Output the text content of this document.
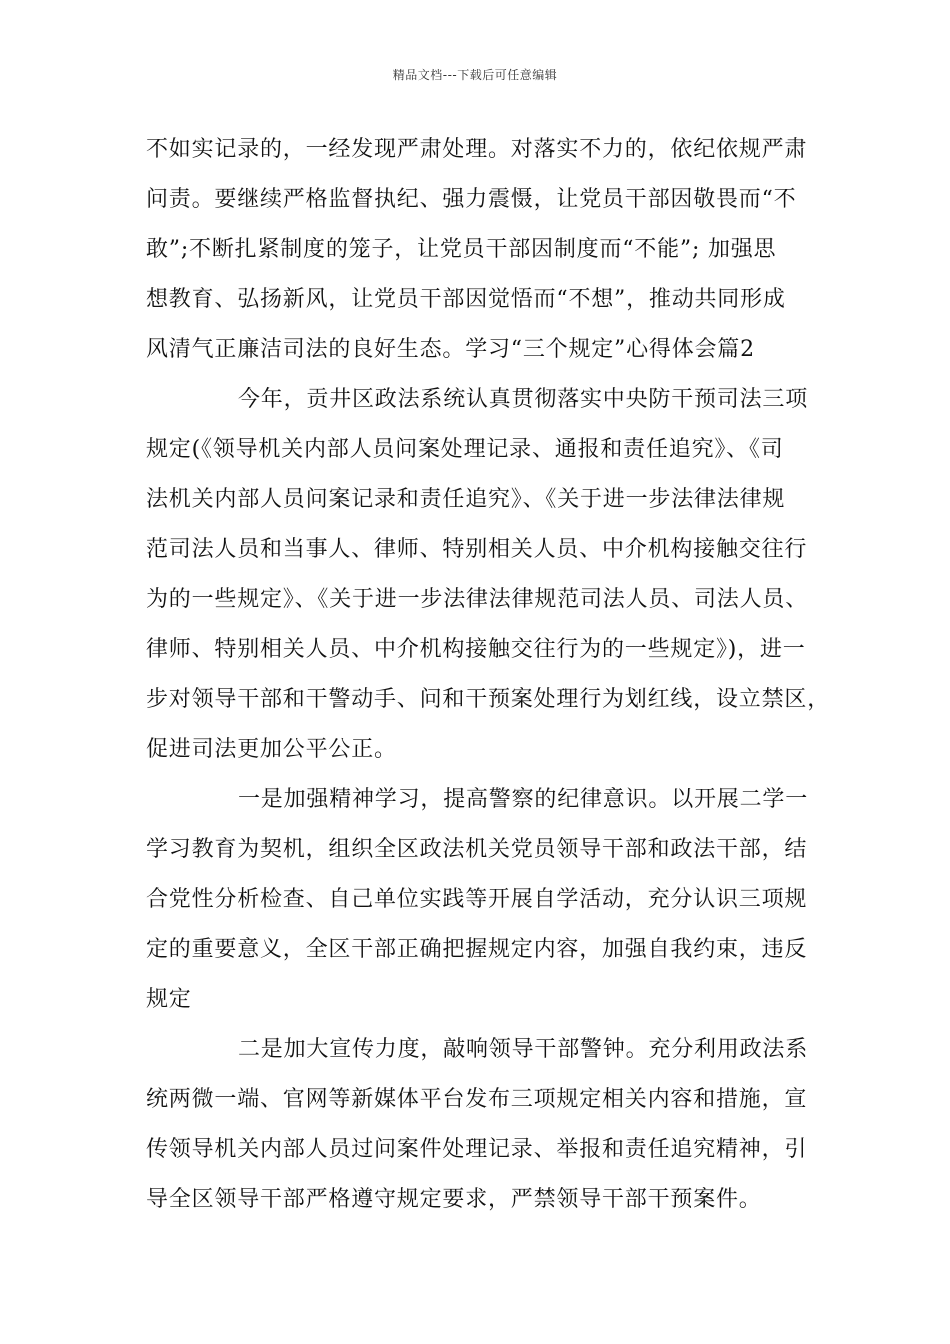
精品文档---下载后可任意编辑
不如实记录的，一经发现严肃处理。对落实不力的，依纪依规严肃
问责。要继续严格监督执纪、强力震慑，让党员干部因敬畏而“不
敢”;不断扎紧制度的笼子，让党员干部因制度而“不能”; 加强思
想教育、弘扬新风，让党员干部因觉悟而“不想”，推动共同形成
风清气正廉洁司法的良好生态。学习“三个规定”心得体会篇2
今年，贡井区政法系统认真贯彻落实中央防干预司法三项
规定(《领导机关内部人员问案处理记录、通报和责任追究》、《司
法机关内部人员问案记录和责任追究》、《关于进一步法律法律规
范司法人员和当事人、律师、特别相关人员、中介机构接触交往行
为的一些规定》、《关于进一步法律法律规范司法人员、司法人员、
律师、特别相关人员、中介机构接触交往行为的一些规定》)，进一
步对领导干部和干警动手、问和干预案处理行为划红线，设立禁区，
促进司法更加公平公正。
一是加强精神学习，提高警察的纪律意识。以开展二学一
学习教育为契机，组织全区政法机关党员领导干部和政法干部，结
合党性分析检查、自己单位实践等开展自学活动，充分认识三项规
定的重要意义，全区干部正确把握规定内容，加强自我约束，违反
规定
二是加大宣传力度，敲响领导干部警钟。充分利用政法系
统两微一端、官网等新媒体平台发布三项规定相关内容和措施，宣
传领导机关内部人员过问案件处理记录、举报和责任追究精神，引
导全区领导干部严格遵守规定要求，严禁领导干部干预案件。
